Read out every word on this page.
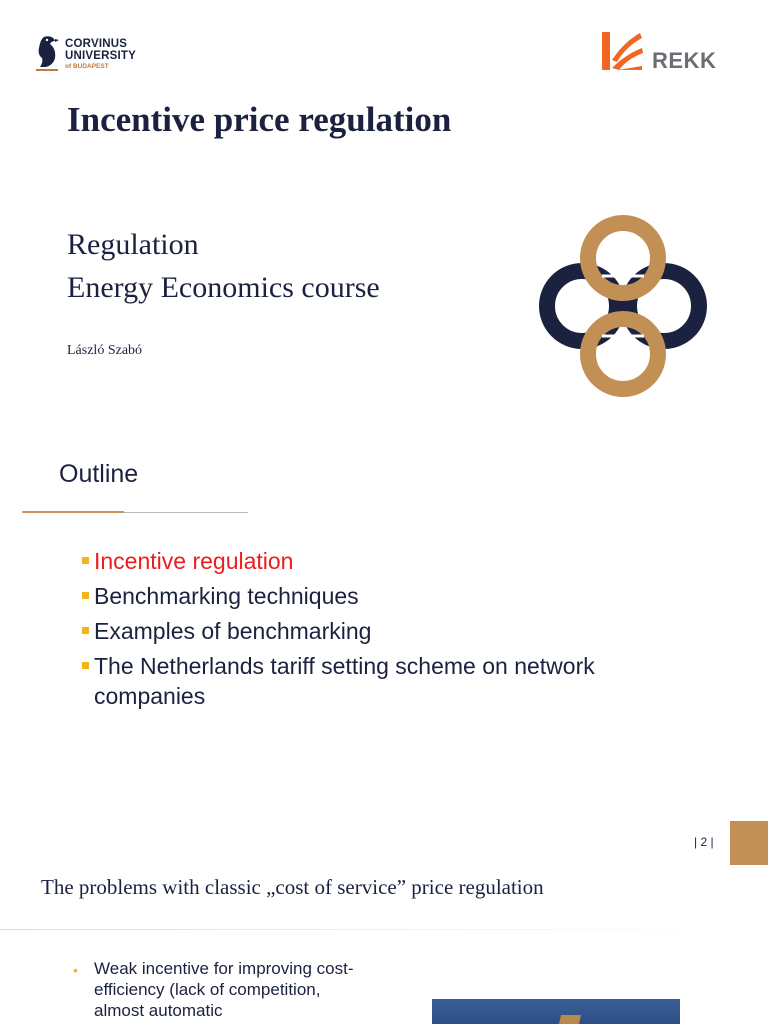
CORVINUS
UNIVERSITY
of BUDAPEST	REKK
Incentive price regulation
Regulation
Energy Economics course
László Szabó
Outline
Incentive regulation
Benchmarking techniques
Examples of benchmarking
The Netherlands tariff setting scheme on network companies
| 2 |
The problems with classic „cost of service” price regulation
• Weak incentive for improving cost-efficiency (lack of competition, almost automatic
